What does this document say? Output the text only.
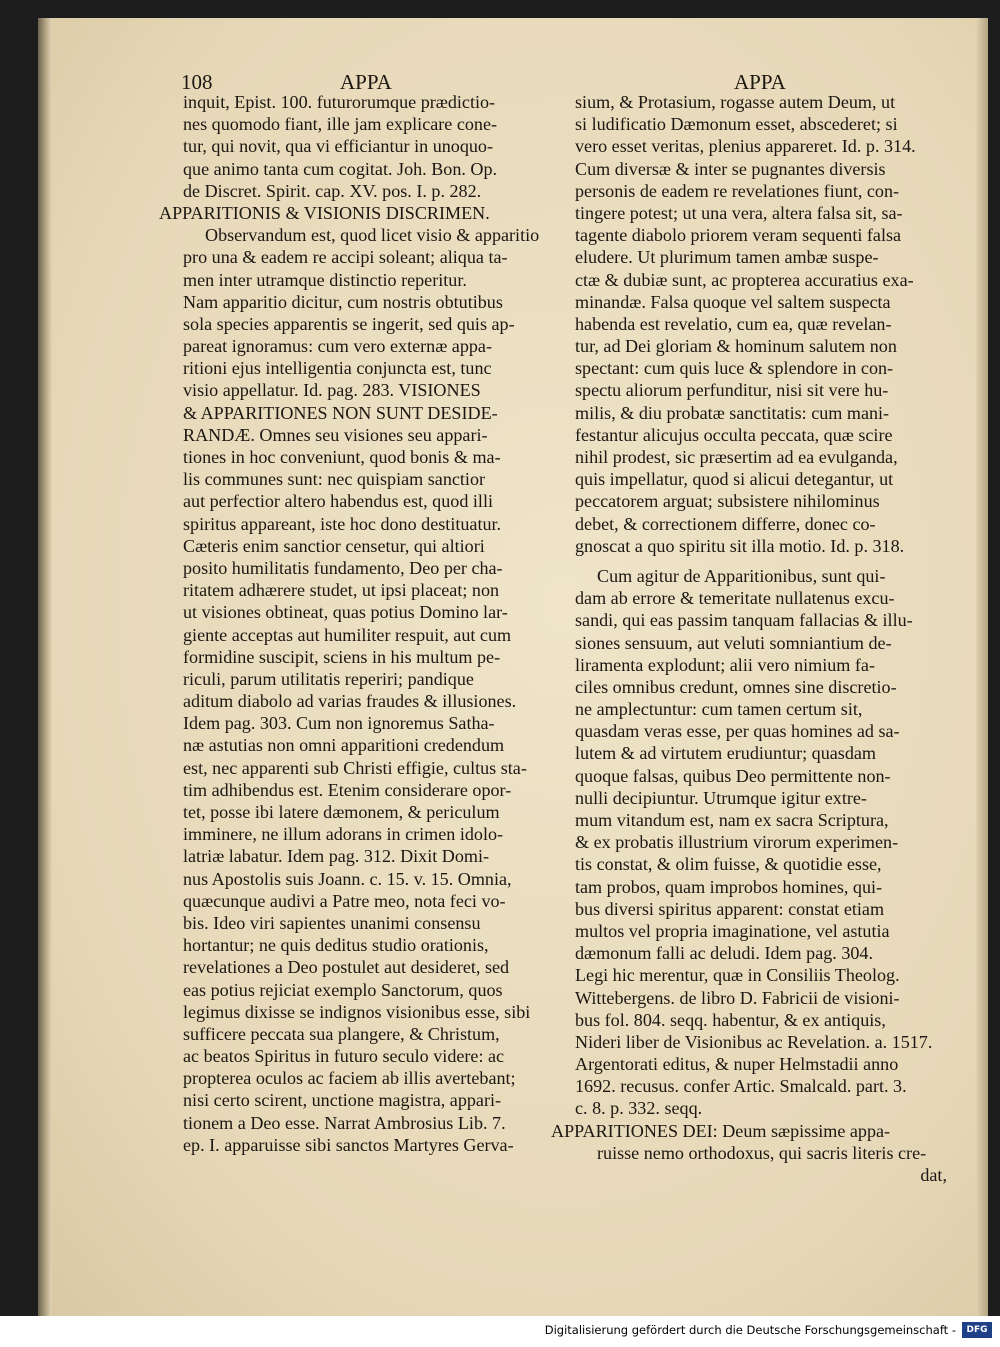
108	APPA	APPA
inquit, Epist. 100. futurorumque prædictio-
nes quomodo fiant, ille jam explicare cone-
tur, qui novit, qua vi efficiantur in unoquo-
que animo tanta cum cogitat. Joh. Bon. Op.
de Discret. Spirit. cap. XV. pos. I. p. 282.
APPARITIONIS & VISIONIS DISCRIMEN.
Observandum est, quod licet visio & apparitio
pro una & eadem re accipi soleant; aliqua ta-
men inter utramque distinctio reperitur.
Nam apparitio dicitur, cum nostris obtutibus
sola species apparentis se ingerit, sed quis ap-
pareat ignoramus: cum vero externæ appa-
ritioni ejus intelligentia conjuncta est, tunc
visio appellatur. Id. pag. 283. VISIONES
& APPARITIONES NON SUNT DESIDE-
RANDÆ. Omnes seu visiones seu appari-
tiones in hoc conveniunt, quod bonis & ma-
lis communes sunt: nec quispiam sanctior
aut perfectior altero habendus est, quod illi
spiritus appareant, iste hoc dono destituatur.
Cæteris enim sanctior censetur, qui altiori
posito humilitatis fundamento, Deo per cha-
ritatem adhærere studet, ut ipsi placeat; non
ut visiones obtineat, quas potius Domino lar-
giente acceptas aut humiliter respuit, aut cum
formidine suscipit, sciens in his multum pe-
riculi, parum utilitatis reperiri; pandique
aditum diabolo ad varias fraudes & illusiones.
Idem pag. 303. Cum non ignoremus Satha-
næ astutias non omni apparitioni credendum
est, nec apparenti sub Christi effigie, cultus sta-
tim adhibendus est. Etenim considerare opor-
tet, posse ibi latere dæmonem, & periculum
imminere, ne illum adorans in crimen idolo-
latriæ labatur. Idem pag. 312. Dixit Domi-
nus Apostolis suis Joann. c. 15. v. 15. Omnia,
quæcunque audivi a Patre meo, nota feci vo-
bis. Ideo viri sapientes unanimi consensu
hortantur; ne quis deditus studio orationis,
revelationes a Deo postulet aut desideret, sed
eas potius rejiciat exemplo Sanctorum, quos
legimus dixisse se indignos visionibus esse, sibi
sufficere peccata sua plangere, & Christum,
ac beatos Spiritus in futuro seculo videre: ac
propterea oculos ac faciem ab illis avertebant;
nisi certo scirent, unctione magistra, appari-
tionem a Deo esse. Narrat Ambrosius Lib. 7.
ep. I. apparuisse sibi sanctos Martyres Gerva-
sium, & Protasium, rogasse autem Deum, ut
si ludificatio Dæmonum esset, abscederet; si
vero esset veritas, plenius appareret. Id. p. 314.
Cum diversæ & inter se pugnantes diversis
personis de eadem re revelationes fiunt, con-
tingere potest; ut una vera, altera falsa sit, sa-
tagente diabolo priorem veram sequenti falsa
eludere. Ut plurimum tamen ambæ suspe-
ctæ & dubiæ sunt, ac propterea accuratius exa-
minandæ. Falsa quoque vel saltem suspecta
habenda est revelatio, cum ea, quæ revelan-
tur, ad Dei gloriam & hominum salutem non
spectant: cum quis luce & splendore in con-
spectu aliorum perfunditur, nisi sit vere hu-
milis, & diu probatæ sanctitatis: cum mani-
festantur alicujus occulta peccata, quæ scire
nihil prodest, sic præsertim ad ea evulganda,
quis impellatur, quod si alicui detegantur, ut
peccatorem arguat; subsistere nihilominus
debet, & correctionem differre, donec co-
gnoscat a quo spiritu sit illa motio. Id. p. 318.
Cum agitur de Apparitionibus, sunt qui-
dam ab errore & temeritate nullatenus excu-
sandi, qui eas passim tanquam fallacias & illu-
siones sensuum, aut veluti somniantium de-
liramenta explodunt; alii vero nimium fa-
ciles omnibus credunt, omnes sine discretio-
ne amplectuntur: cum tamen certum sit,
quasdam veras esse, per quas homines ad sa-
lutem & ad virtutem erudiuntur; quasdam
quoque falsas, quibus Deo permittente non-
nulli decipiuntur. Utrumque igitur extre-
mum vitandum est, nam ex sacra Scriptura,
& ex probatis illustrium virorum experimen-
tis constat, & olim fuisse, & quotidie esse,
tam probos, quam improbos homines, qui-
bus diversi spiritus apparent: constat etiam
multos vel propria imaginatione, vel astutia
dæmonum falli ac deludi. Idem pag. 304.
Legi hic merentur, quæ in Consiliis Theolog.
Wittebergens. de libro D. Fabricii de visioni-
bus fol. 804. seqq. habentur, & ex antiquis,
Nideri liber de Visionibus ac Revelation. a. 1517.
Argentorati editus, & nuper Helmstadii anno
1692. recusus. confer Artic. Smalcald. part. 3.
c. 8. p. 332. seqq.
APPARITIONES DEI: Deum sæpissime appa-
ruisse nemo orthodoxus, qui sacris literis cre-
dat,
Digitalisierung gefördert durch die Deutsche Forschungsgemeinschaft -	DFG
